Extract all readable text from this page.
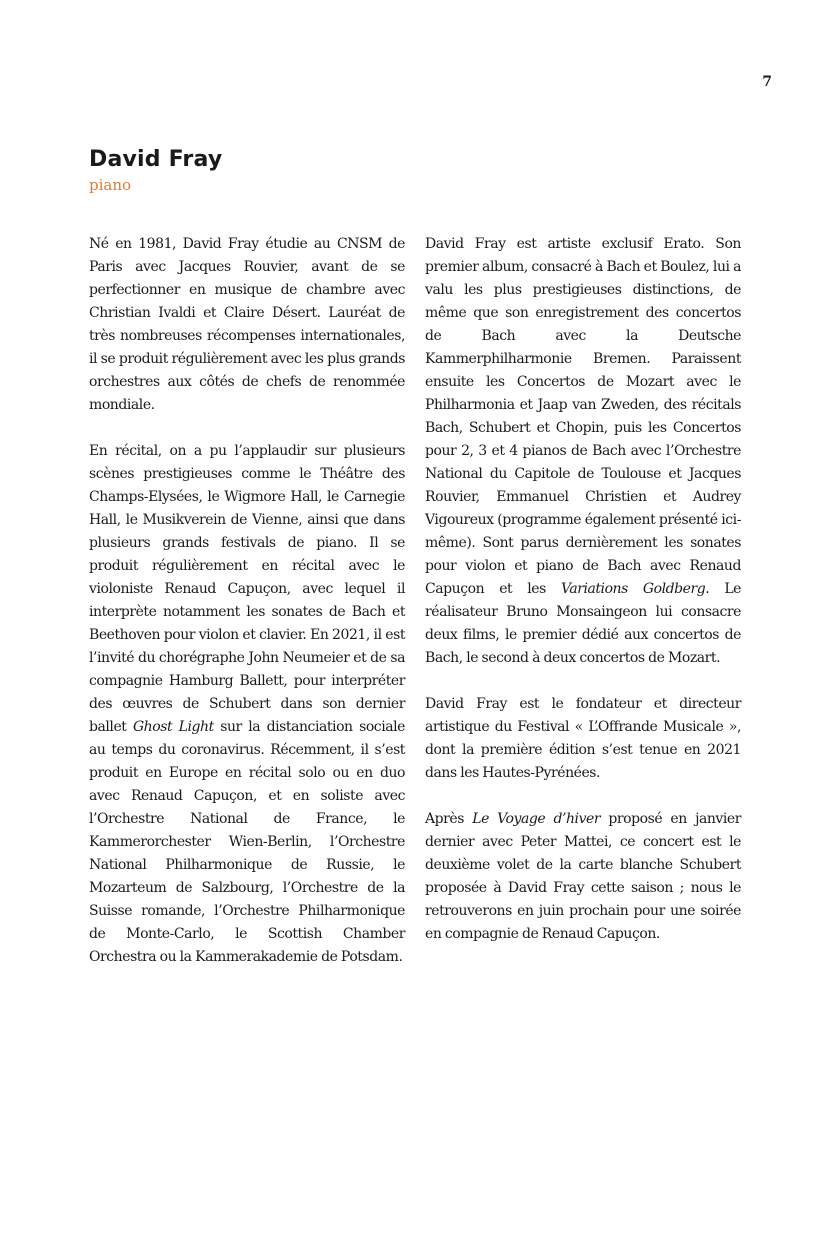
7
David Fray
piano

Né en 1981, David Fray étudie au CNSM de Paris avec Jacques Rouvier, avant de se perfectionner en musique de chambre avec Christian Ivaldi et Claire Désert. Lauréat de très nombreuses récompenses internationales, il se produit régulièrement avec les plus grands orchestres aux côtés de chefs de renommée mondiale.

En récital, on a pu l’applaudir sur plusieurs scènes prestigieuses comme le Théâtre des Champs-Elysées, le Wigmore Hall, le Carnegie Hall, le Musikverein de Vienne, ainsi que dans plusieurs grands festivals de piano. Il se produit régulièrement en récital avec le violoniste Renaud Capuçon, avec lequel il interprète notamment les sonates de Bach et Beethoven pour violon et clavier. En 2021, il est l’invité du chorégraphe John Neumeier et de sa compagnie Hamburg Ballett, pour interpréter des œuvres de Schubert dans son dernier ballet Ghost Light sur la distanciation sociale au temps du coronavirus. Récemment, il s’est produit en Europe en récital solo ou en duo avec Renaud Capuçon, et en soliste avec l’Orchestre National de France, le Kammerorchester Wien-Berlin, l’Orchestre National Philharmonique de Russie, le Mozarteum de Salzbourg, l’Orchestre de la Suisse romande, l’Orchestre Philharmonique de Monte-Carlo, le Scottish Chamber Orchestra ou la Kammerakademie de Potsdam.

David Fray est artiste exclusif Erato. Son premier album, consacré à Bach et Boulez, lui a valu les plus prestigieuses distinctions, de même que son enregistrement des concertos de Bach avec la Deutsche Kammerphilharmonie Bremen. Paraissent ensuite les Concertos de Mozart avec le Philharmonia et Jaap van Zweden, des récitals Bach, Schubert et Chopin, puis les Concertos pour 2, 3 et 4 pianos de Bach avec l’Orchestre National du Capitole de Toulouse et Jacques Rouvier, Emmanuel Christien et Audrey Vigoureux (programme également présenté ici-même). Sont parus dernièrement les sonates pour violon et piano de Bach avec Renaud Capuçon et les Variations Goldberg. Le réalisateur Bruno Monsaingeon lui consacre deux films, le premier dédié aux concertos de Bach, le second à deux concertos de Mozart.

David Fray est le fondateur et directeur artistique du Festival « L’Offrande Musicale », dont la première édition s’est tenue en 2021 dans les Hautes-Pyrénées.

Après Le Voyage d’hiver proposé en janvier dernier avec Peter Mattei, ce concert est le deuxième volet de la carte blanche Schubert proposée à David Fray cette saison ; nous le retrouverons en juin prochain pour une soirée en compagnie de Renaud Capuçon.
